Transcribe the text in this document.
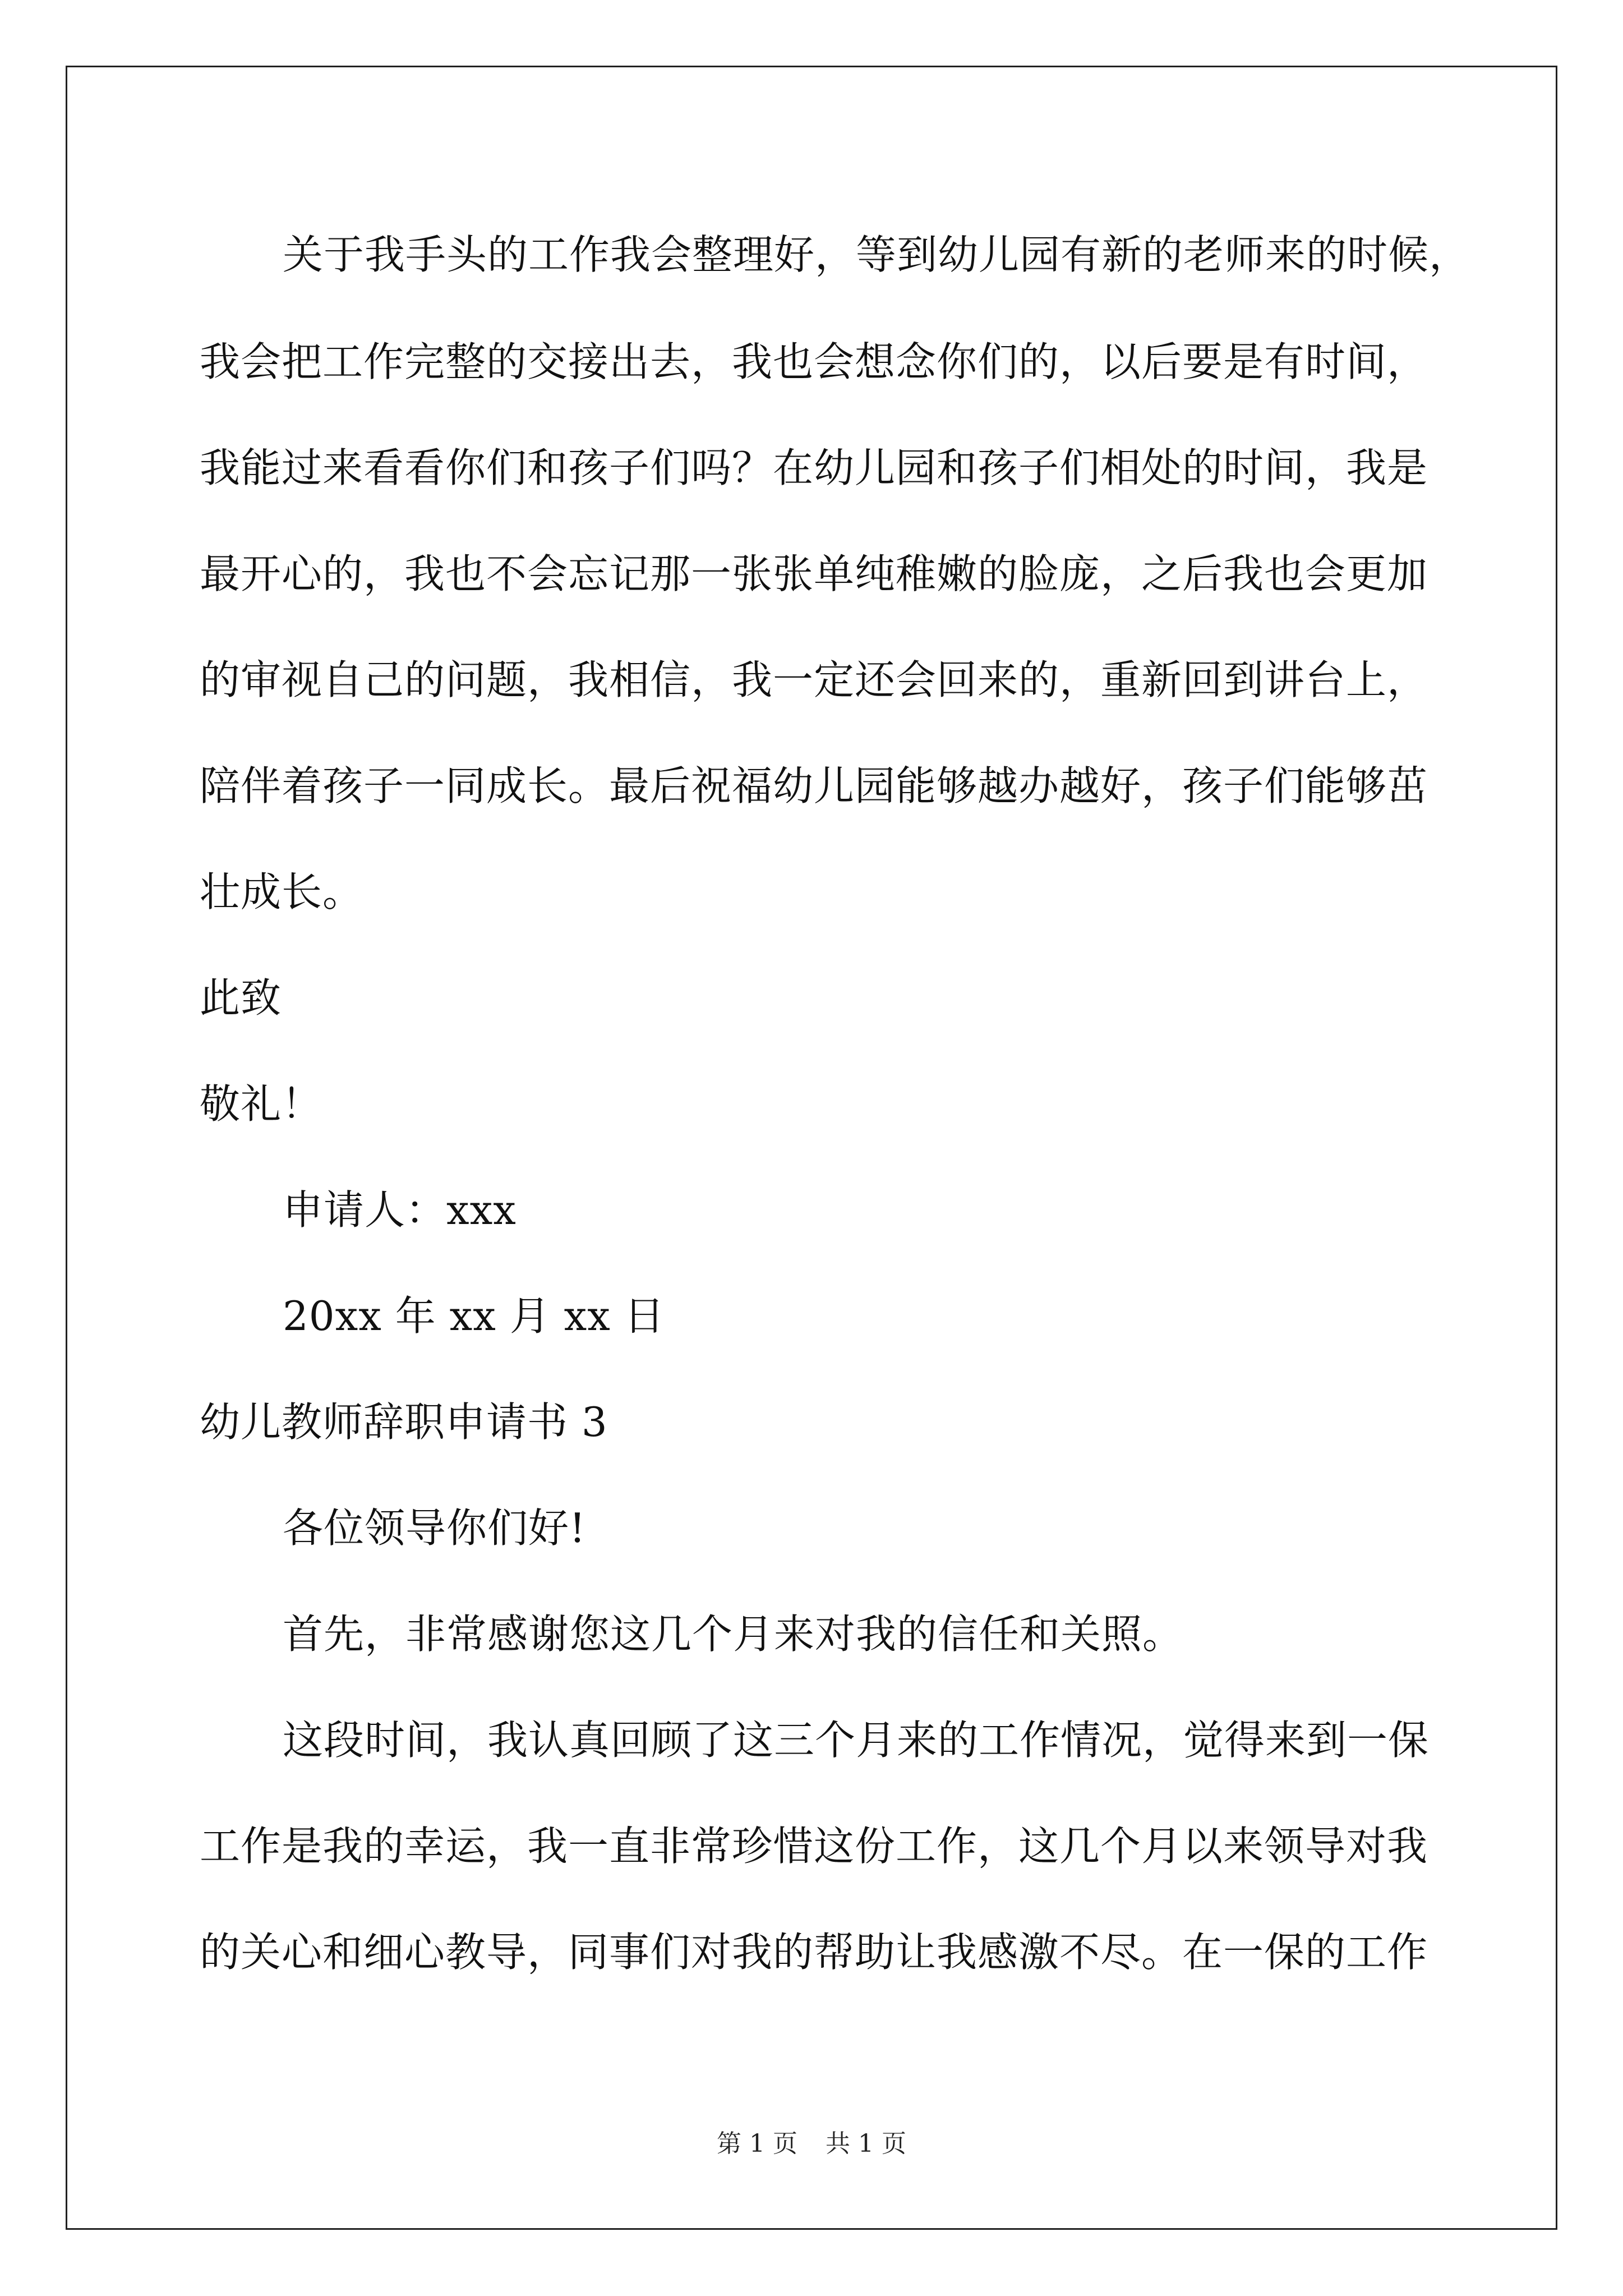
关于我手头的工作我会整理好，等到幼儿园有新的老师来的时候，
我会把工作完整的交接出去，我也会想念你们的，以后要是有时间，
我能过来看看你们和孩子们吗？在幼儿园和孩子们相处的时间，我是
最开心的，我也不会忘记那一张张单纯稚嫩的脸庞，之后我也会更加
的审视自己的问题，我相信，我一定还会回来的，重新回到讲台上，
陪伴着孩子一同成长。最后祝福幼儿园能够越办越好，孩子们能够茁
壮成长。
此致
敬礼！
申请人：xxx
20xx 年 xx 月 xx 日
幼儿教师辞职申请书 3
各位领导你们好!
首先，非常感谢您这几个月来对我的信任和关照。
这段时间，我认真回顾了这三个月来的工作情况，觉得来到一保
工作是我的幸运，我一直非常珍惜这份工作，这几个月以来领导对我
的关心和细心教导，同事们对我的帮助让我感激不尽。在一保的工作
第 1 页 共 1 页
